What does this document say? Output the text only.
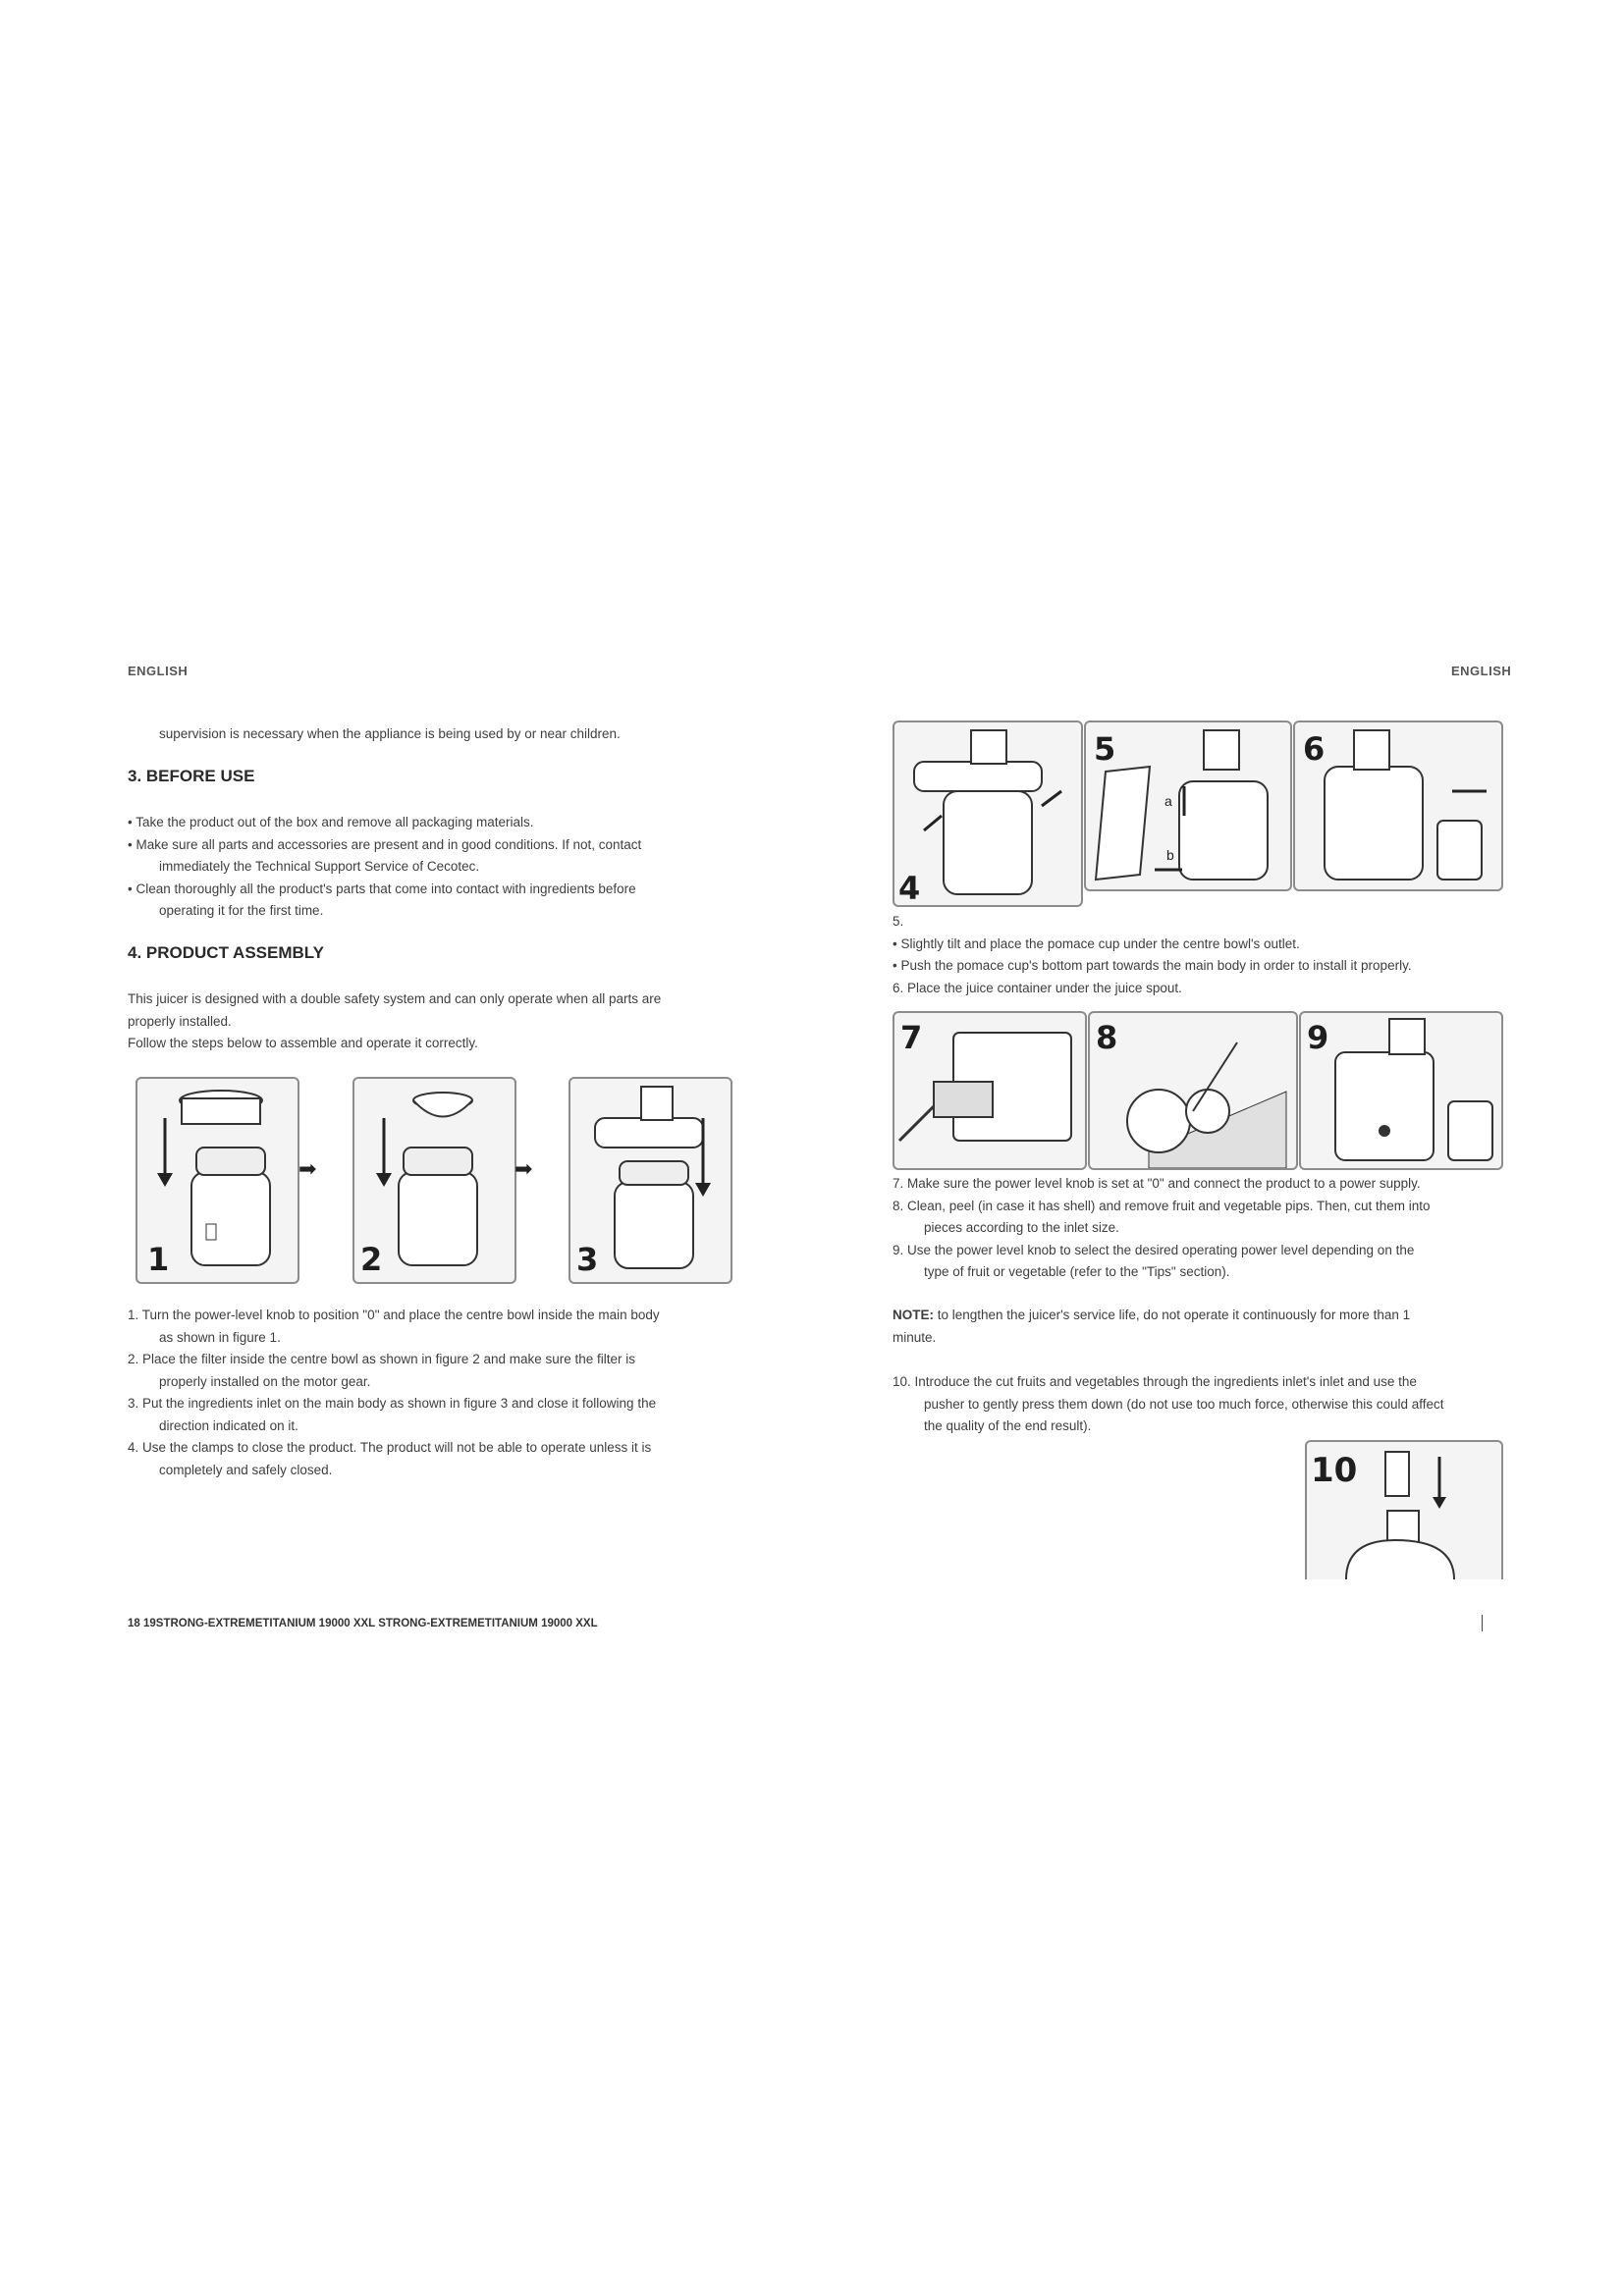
ENGLISH	ENGLISH
supervision is necessary when the appliance is being used by or near children.
3. BEFORE USE

• Take the product out of the box and remove all packaging materials.

• Make sure all parts and accessories are present and in good conditions. If not, contact

immediately the Technical Support Service of Cecotec.

• Clean thoroughly all the product's parts that come into contact with ingredients before

operating it for the first time.

4. PRODUCT ASSEMBLY

This juicer is designed with a double safety system and can only operate when all parts are

properly installed.

Follow the steps below to assemble and operate it correctly.

1
➡
2
➡
3

1. Turn the power-level knob to position "0" and place the centre bowl inside the main body

as shown in figure 1.

2. Place the filter inside the centre bowl as shown in figure 2 and make sure the filter is

properly installed on the motor gear.

3. Put the ingredients inlet on the main body as shown in figure 3 and close it following the

direction indicated on it.

4. Use the clamps to close the product. The product will not be able to operate unless it is

completely and safely closed.

4
a
b
5	6

5.

• Slightly tilt and place the pomace cup under the centre bowl's outlet.

• Push the pomace cup's bottom part towards the main body in order to install it properly.

6. Place the juice container under the juice spout.

7	8	9

7. Make sure the power level knob is set at "0" and connect the product to a power supply.

8. Clean, peel (in case it has shell) and remove fruit and vegetable pips. Then, cut them into

pieces according to the inlet size.

9. Use the power level knob to select the desired operating power level depending on the

type of fruit or vegetable (refer to the "Tips" section).

NOTE: to lengthen the juicer's service life, do not operate it continuously for more than 1

minute.

10. Introduce the cut fruits and vegetables through the ingredients inlet's inlet and use the

pusher to gently press them down (do not use too much force, otherwise this could affect

the quality of the end result).

10
18 19STRONG-EXTREMETITANIUM 19000 XXL STRONG-EXTREMETITANIUM 19000 XXL
